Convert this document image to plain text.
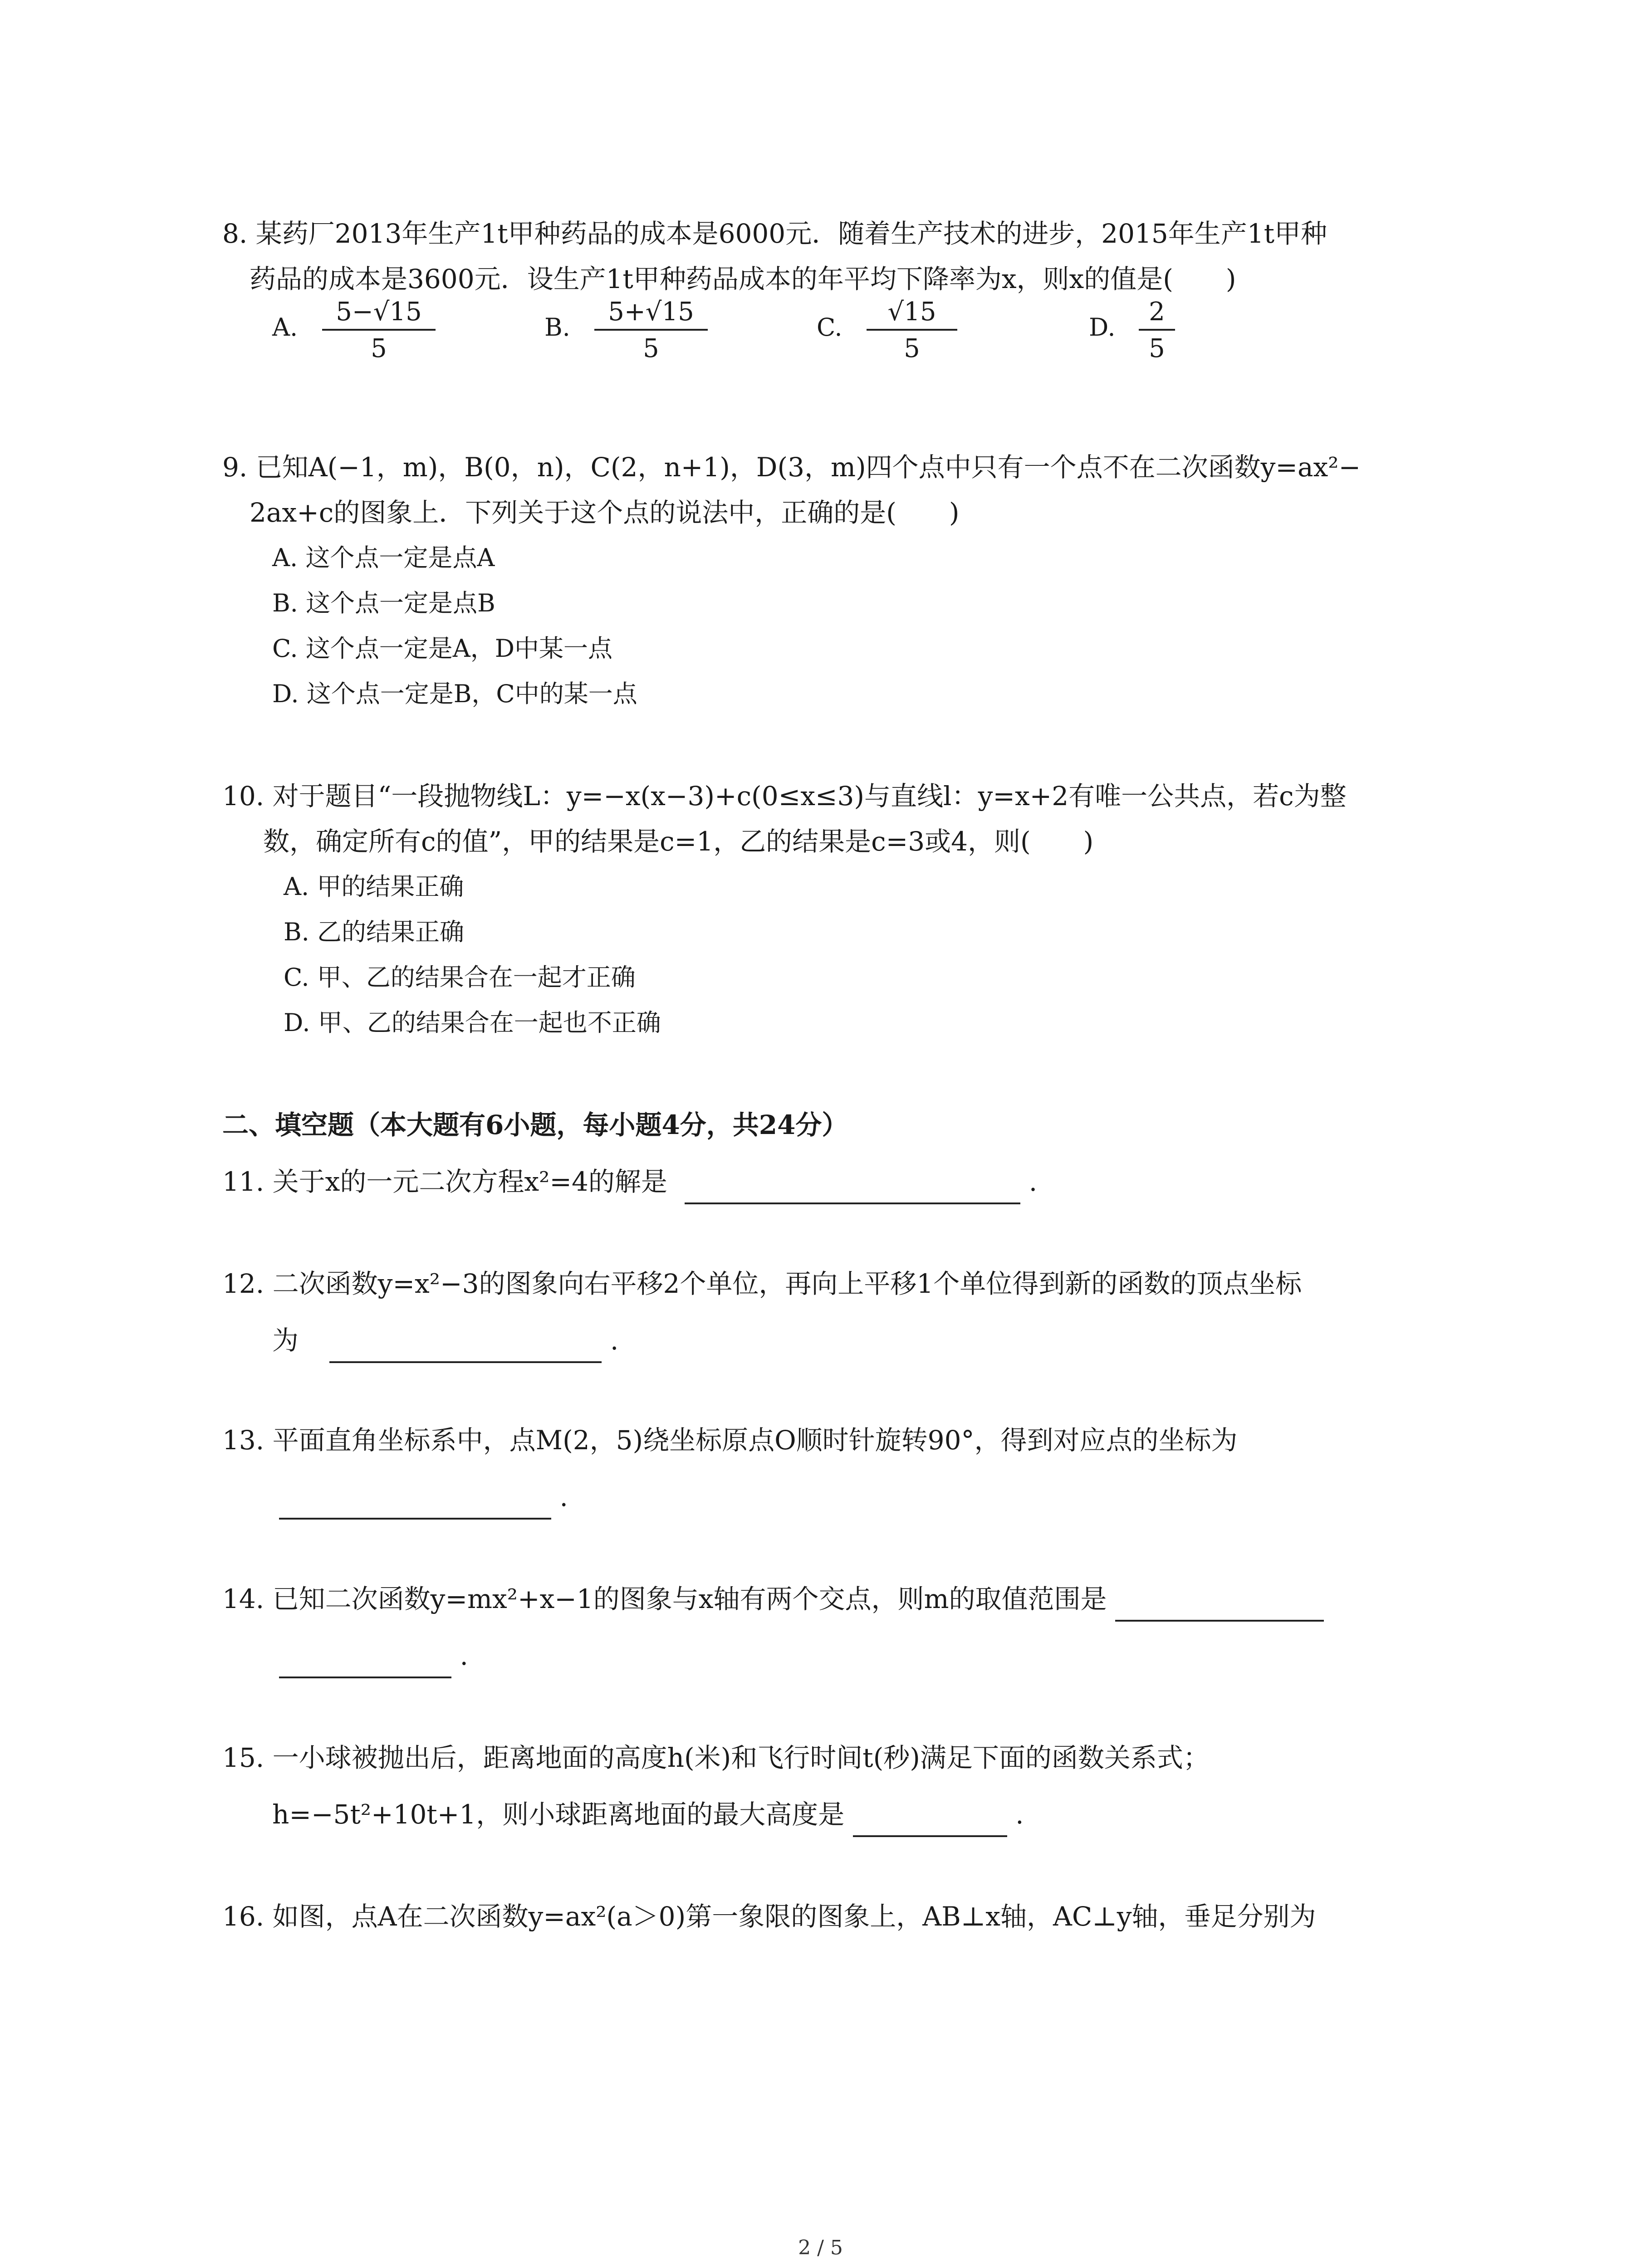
8. 某药厂2013年生产1t甲种药品的成本是6000元．随着生产技术的进步，2015年生产1t甲种
药品的成本是3600元．设生产1t甲种药品成本的年平均下降率为x，则x的值是(　　)
A.
5−√15
5
B.
5+√15
5
C.
√15
5
D.
2
5
9. 已知A(−1，m)，B(0，n)，C(2，n+1)，D(3，m)四个点中只有一个点不在二次函数y=ax²−
2ax+c的图象上．下列关于这个点的说法中，正确的是(　　)
A. 这个点一定是点A
B. 这个点一定是点B
C. 这个点一定是A，D中某一点
D. 这个点一定是B，C中的某一点
10. 对于题目“一段抛物线L：y=−x(x−3)+c(0≤x≤3)与直线l：y=x+2有唯一公共点，若c为整
数，确定所有c的值”，甲的结果是c=1，乙的结果是c=3或4，则(　　)
A. 甲的结果正确
B. 乙的结果正确
C. 甲、乙的结果合在一起才正确
D. 甲、乙的结果合在一起也不正确
二、填空题（本大题有6小题，每小题4分，共24分）
11. 关于x的一元二次方程x²=4的解是	.
12. 二次函数y=x²−3的图象向右平移2个单位，再向上平移1个单位得到新的函数的顶点坐标
为	.
13. 平面直角坐标系中，点M(2，5)绕坐标原点O顺时针旋转90°，得到对应点的坐标为
.
14. 已知二次函数y=mx²+x−1的图象与x轴有两个交点，则m的取值范围是
.
15. 一小球被抛出后，距离地面的高度h(米)和飞行时间t(秒)满足下面的函数关系式；
h=−5t²+10t+1，则小球距离地面的最大高度是	.
16. 如图，点A在二次函数y=ax²(a＞0)第一象限的图象上，AB⊥x轴，AC⊥y轴，垂足分别为
2 / 5
